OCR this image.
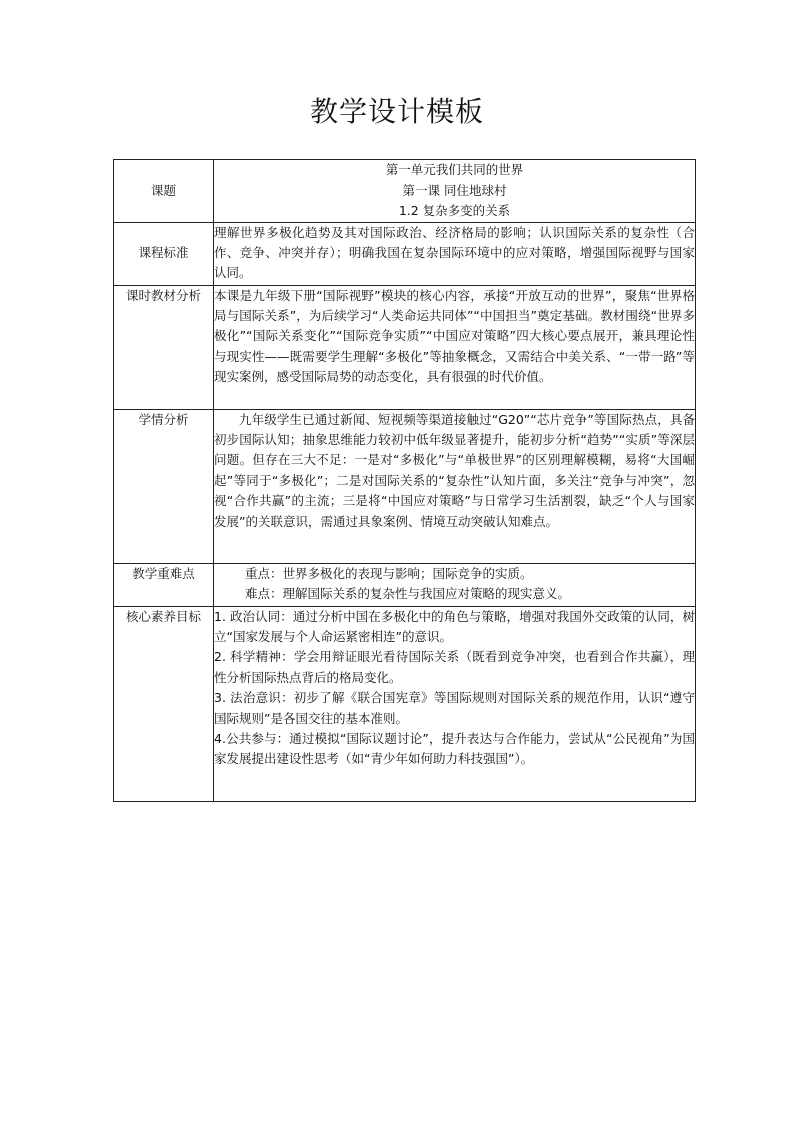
教学设计模板
课题	第一单元我们共同的世界
第一课 同住地球村
1.2 复杂多变的关系

课程标准	理解世界多极化趋势及其对国际政治、经济格局的影响；认识国际关系的复杂性（合作、竞争、冲突并存）；明确我国在复杂国际环境中的应对策略，增强国际视野与国家认同。
课时教材分析	本课是九年级下册“国际视野”模块的核心内容，承接“开放互动的世界”，聚焦“世界格局与国际关系”，为后续学习“人类命运共同体”“中国担当”奠定基础。教材围绕“世界多极化”“国际关系变化”“国际竞争实质”“中国应对策略”四大核心要点展开，兼具理论性与现实性——既需要学生理解“多极化”等抽象概念，又需结合中美关系、“一带一路”等现实案例，感受国际局势的动态变化，具有很强的时代价值。
学情分析	九年级学生已通过新闻、短视频等渠道接触过“G20”“芯片竞争”等国际热点，具备初步国际认知；抽象思维能力较初中低年级显著提升，能初步分析“趋势”“实质”等深层问题。但存在三大不足：一是对“多极化”与“单极世界”的区别理解模糊，易将“大国崛起”等同于“多极化”；二是对国际关系的“复杂性”认知片面，多关注“竞争与冲突”，忽视“合作共赢”的主流；三是将“中国应对策略”与日常学习生活割裂，缺乏“个人与国家发展”的关联意识，需通过具象案例、情境互动突破认知难点。

教学重难点	重点：世界多极化的表现与影响；国际竞争的实质。
难点：理解国际关系的复杂性与我国应对策略的现实意义。

核心素养目标	1. 政治认同：通过分析中国在多极化中的角色与策略，增强对我国外交政策的认同，树立“国家发展与个人命运紧密相连”的意识。

2. 科学精神：学会用辩证眼光看待国际关系（既看到竞争冲突，也看到合作共赢），理性分析国际热点背后的格局变化。

3. 法治意识：初步了解《联合国宪章》等国际规则对国际关系的规范作用，认识“遵守国际规则”是各国交往的基本准则。

4.公共参与：通过模拟“国际议题讨论”，提升表达与合作能力，尝试从“公民视角”为国家发展提出建设性思考（如“青少年如何助力科技强国”）。
